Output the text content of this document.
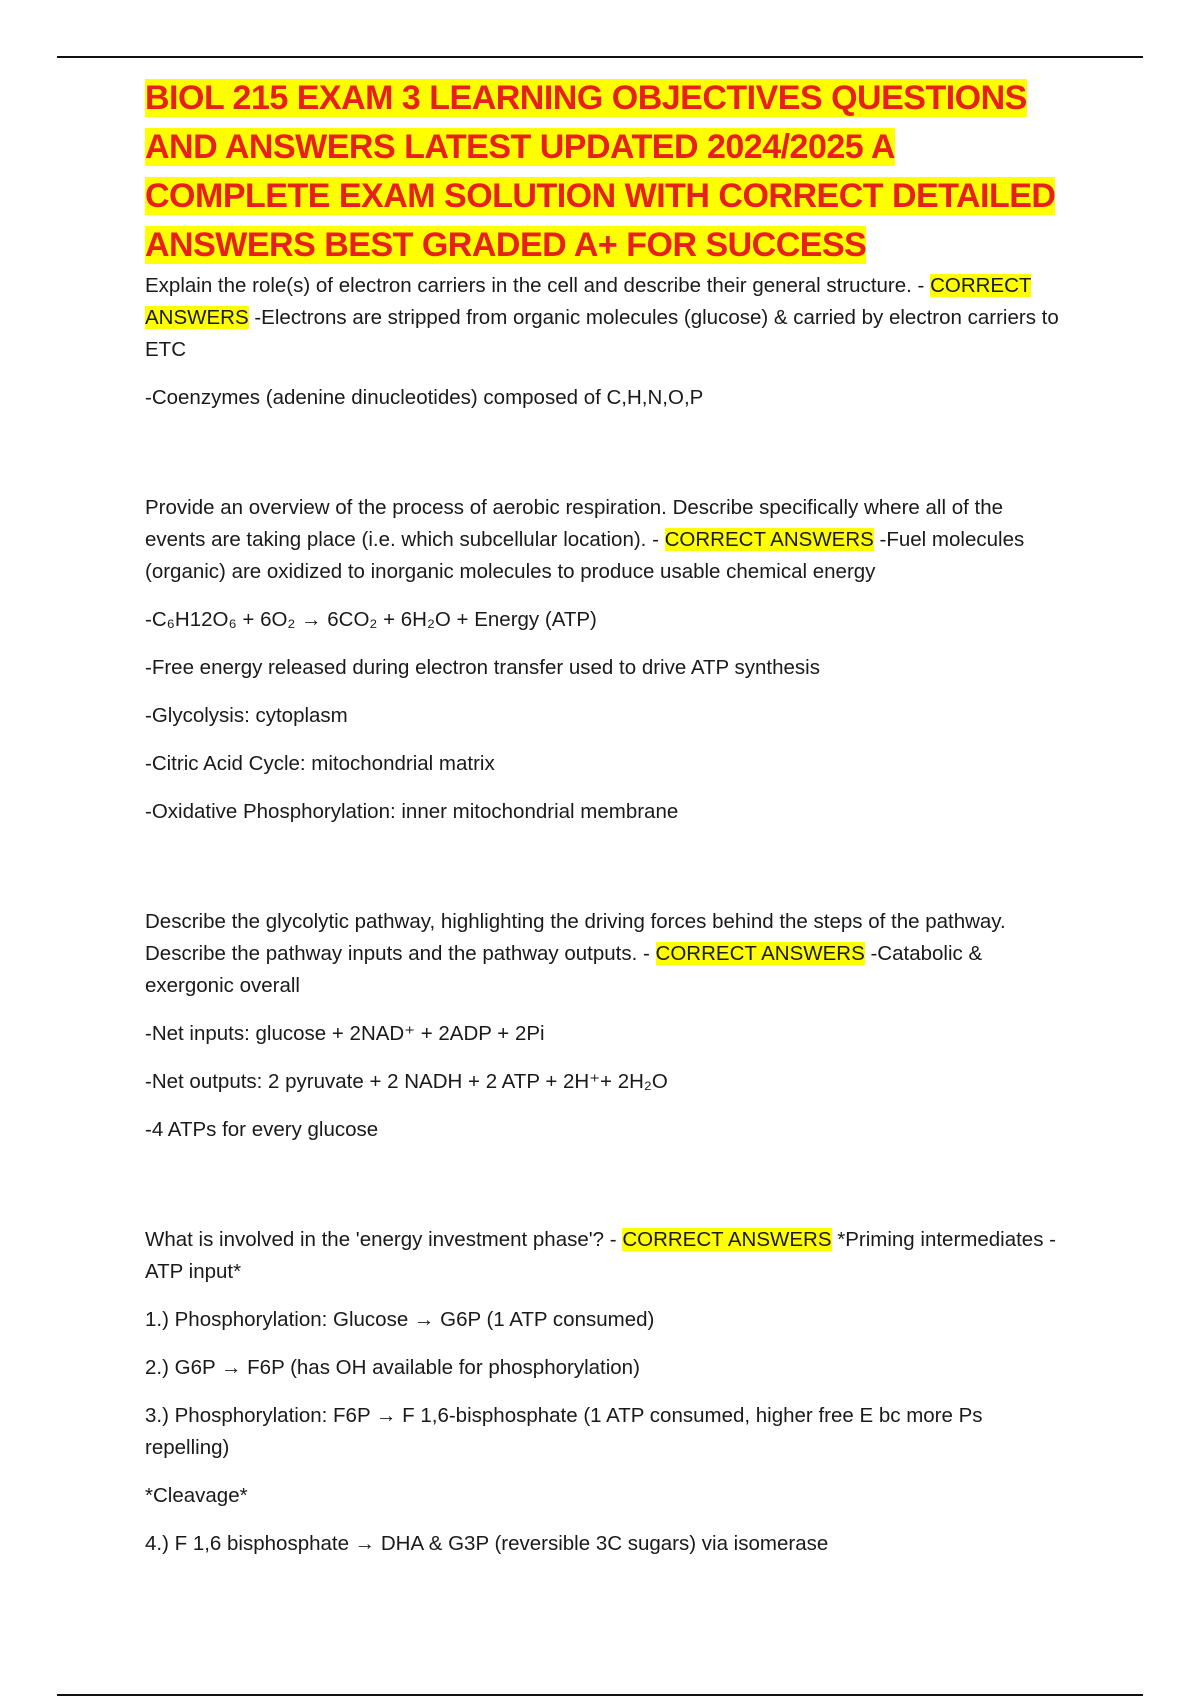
BIOL 215 EXAM 3 LEARNING OBJECTIVES QUESTIONS
AND ANSWERS LATEST UPDATED 2024/2025 A
COMPLETE EXAM SOLUTION WITH CORRECT DETAILED
ANSWERS BEST GRADED A+ FOR SUCCESS

Explain the role(s) of electron carriers in the cell and describe their general structure. - CORRECT ANSWERS -Electrons are stripped from organic molecules (glucose) & carried by electron carriers to ETC

-Coenzymes (adenine dinucleotides) composed of C,H,N,O,P

Provide an overview of the process of aerobic respiration. Describe specifically where all of the events are taking place (i.e. which subcellular location). - CORRECT ANSWERS -Fuel molecules (organic) are oxidized to inorganic molecules to produce usable chemical energy

-C₆H12O₆ + 6O₂ → 6CO₂ + 6H₂O + Energy (ATP)

-Free energy released during electron transfer used to drive ATP synthesis

-Glycolysis: cytoplasm

-Citric Acid Cycle: mitochondrial matrix

-Oxidative Phosphorylation: inner mitochondrial membrane

Describe the glycolytic pathway, highlighting the driving forces behind the steps of the pathway. Describe the pathway inputs and the pathway outputs. - CORRECT ANSWERS -Catabolic & exergonic overall

-Net inputs: glucose + 2NAD⁺ + 2ADP + 2Pi

-Net outputs: 2 pyruvate + 2 NADH + 2 ATP + 2H⁺+ 2H₂O

-4 ATPs for every glucose

What is involved in the 'energy investment phase'? - CORRECT ANSWERS *Priming intermediates - ATP input*

1.) Phosphorylation: Glucose → G6P (1 ATP consumed)

2.) G6P → F6P (has OH available for phosphorylation)

3.) Phosphorylation: F6P → F 1,6-bisphosphate (1 ATP consumed, higher free E bc more Ps repelling)

*Cleavage*

4.) F 1,6 bisphosphate → DHA & G3P (reversible 3C sugars) via isomerase
